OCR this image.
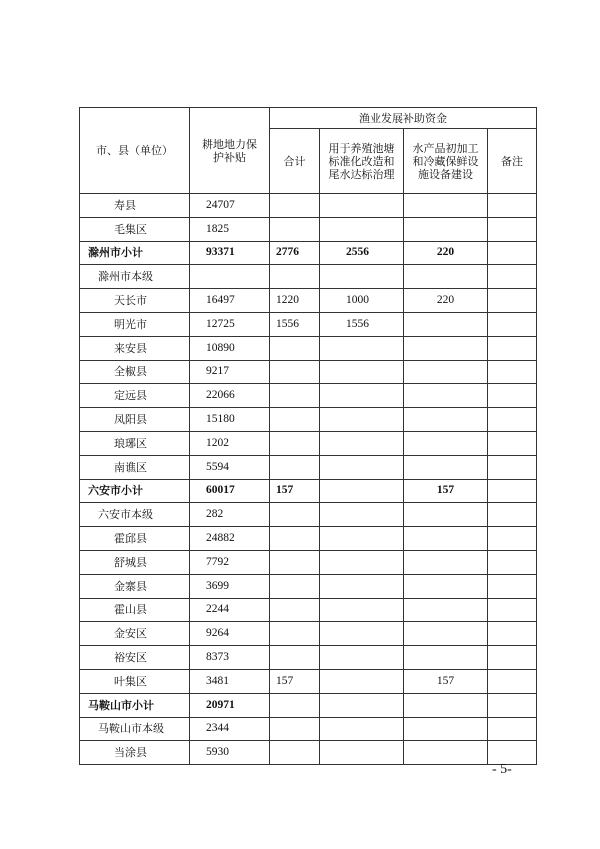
市、县（单位）	耕地地力保护补贴	渔业发展补助资金			
		合计	用于养殖池塘标准化改造和尾水达标治理	水产品初加工和冷藏保鲜设施设备建设	备注
寿县	24707				
毛集区	1825				
滁州市小计	93371	2776	2556	220	
滁州市本级					
天长市	16497	1220	1000	220	
明光市	12725	1556	1556		
来安县	10890				
全椒县	9217				
定远县	22066				
凤阳县	15180				
琅琊区	1202				
南谯区	5594				
六安市小计	60017	157		157	
六安市本级	282				
霍邱县	24882				
舒城县	7792				
金寨县	3699				
霍山县	2244				
金安区	9264				
裕安区	8373				
叶集区	3481	157		157	
马鞍山市小计	20971				
马鞍山市本级	2344				
当涂县	5930				
- 5-
